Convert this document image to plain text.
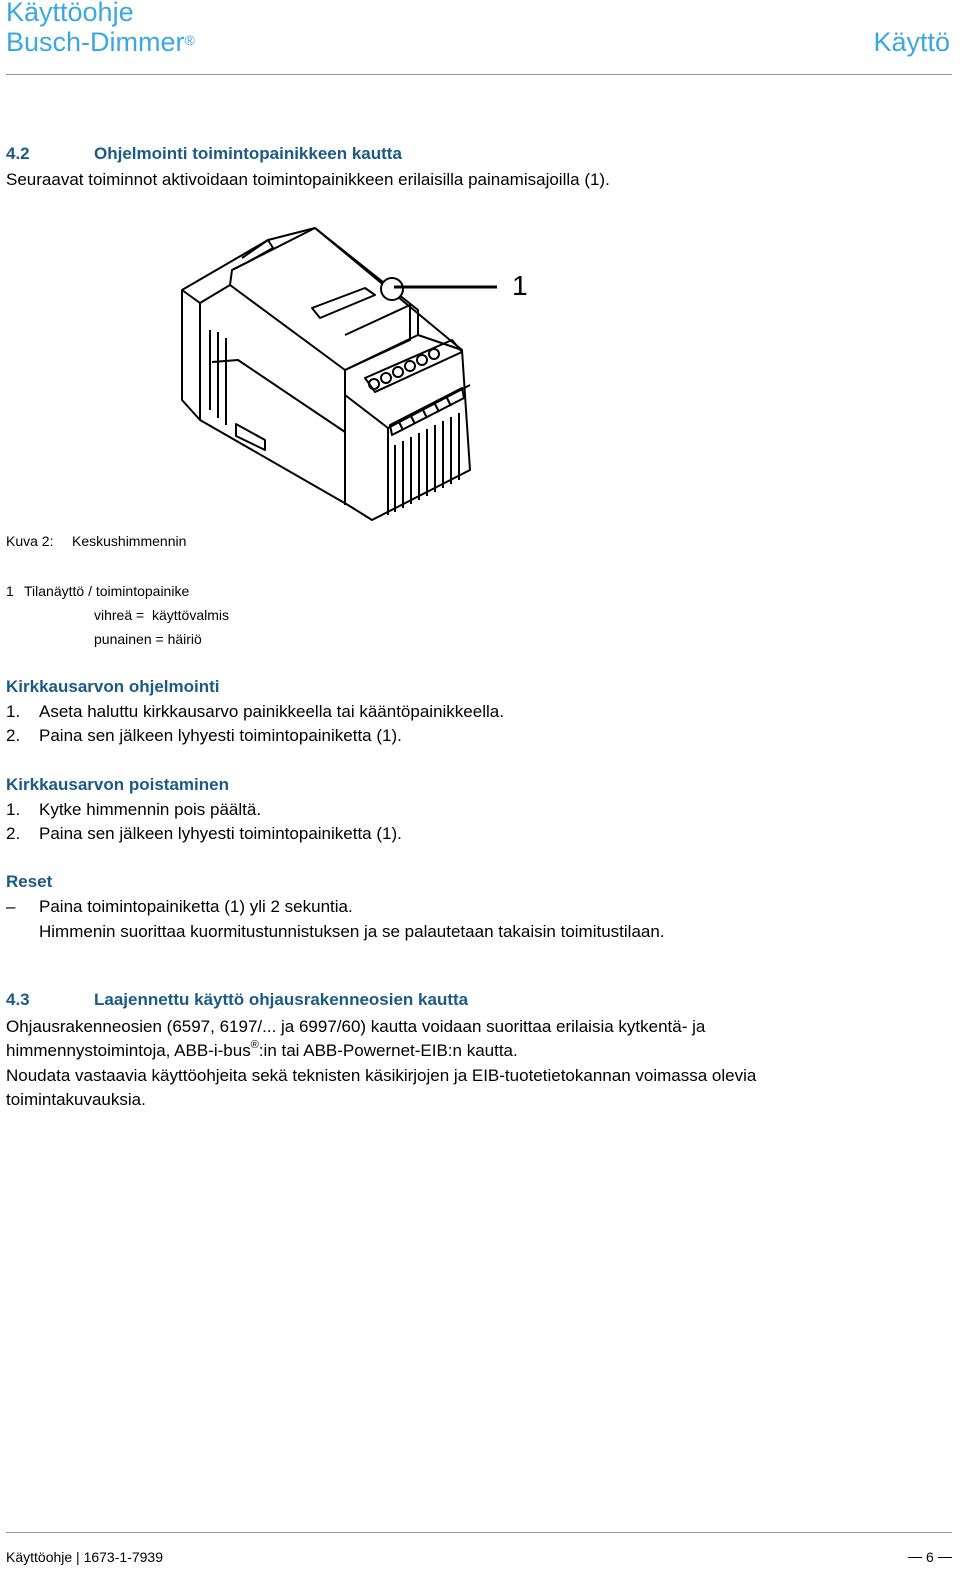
Käyttöohje
Busch-Dimmer®	Käyttö
4.2	Ohjelmointi toimintopainikkeen kautta
Seuraavat toiminnot aktivoidaan toimintopainikkeen erilaisilla painamisajoilla (1).
1
Kuva 2: Keskushimmennin
1 Tilanäyttö / toimintopainike
vihreä =  käyttövalmis
punainen = häiriö
Kirkkausarvon ohjelmointi
1. Aseta haluttu kirkkausarvo painikkeella tai kääntöpainikkeella.
2. Paina sen jälkeen lyhyesti toimintopainiketta (1).
Kirkkausarvon poistaminen
1. Kytke himmennin pois päältä.
2. Paina sen jälkeen lyhyesti toimintopainiketta (1).
Reset
– Paina toimintopainiketta (1) yli 2 sekuntia.
Himmenin suorittaa kuormitustunnistuksen ja se palautetaan takaisin toimitustilaan.
4.3	Laajennettu käyttö ohjausrakenneosien kautta
Ohjausrakenneosien (6597, 6197/... ja 6997/60) kautta voidaan suorittaa erilaisia kytkentä- ja
himmennystoimintoja, ABB-i-bus®:in tai ABB-Powernet-EIB:n kautta.
Noudata vastaavia käyttöohjeita sekä teknisten käsikirjojen ja EIB-tuotetietokannan voimassa olevia
toimintakuvauksia.
Käyttöohje | 1673-1-7939	6
